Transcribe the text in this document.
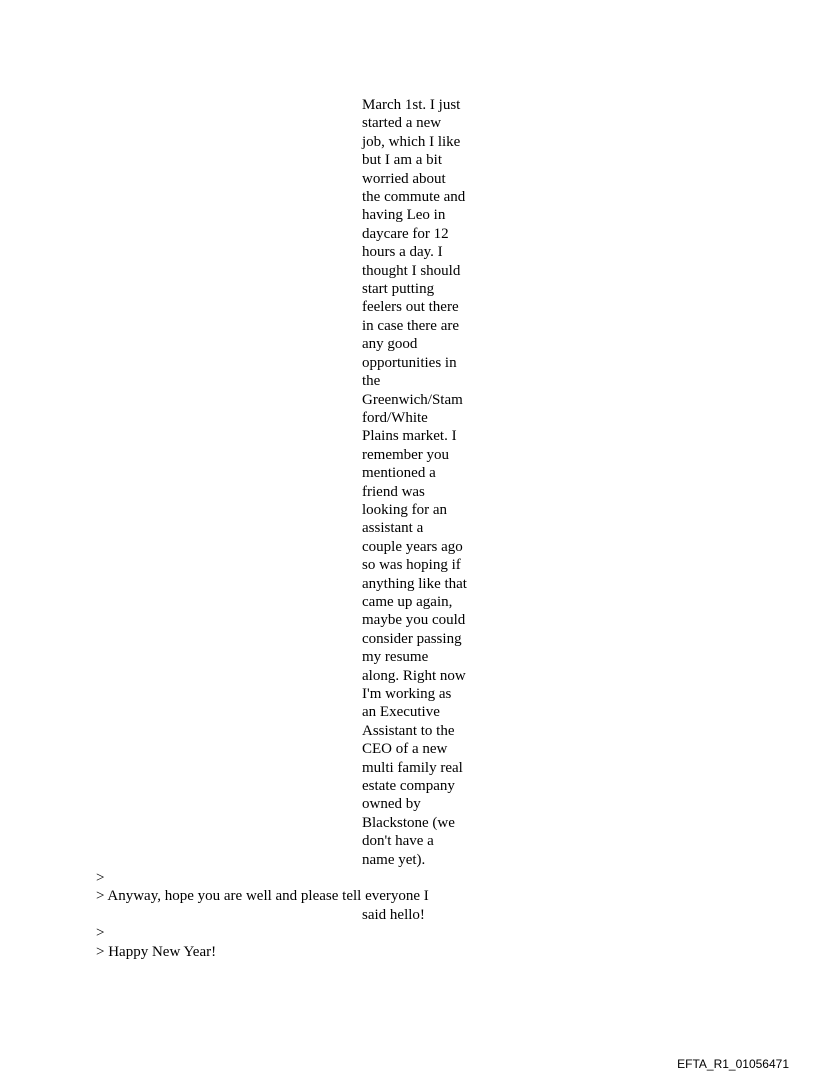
March 1st. I just
started a new
job, which I like
but I am a bit
worried about
the commute and
having Leo in
daycare for 12
hours a day. I
thought I should
start putting
feelers out there
in case there are
any good
opportunities in
the
Greenwich/Stam
ford/White
Plains market. I
remember you
mentioned a
friend was
looking for an
assistant a
couple years ago
so was hoping if
anything like that
came up again,
maybe you could
consider passing
my resume
along. Right now
I'm working as
an Executive
Assistant to the
CEO of a new
multi family real
estate company
owned by
Blackstone (we
don't have a
name yet).
>
> Anyway, hope you are well and please tell everyone I
said hello!
>
> Happy New Year!
EFTA_R1_01056471
